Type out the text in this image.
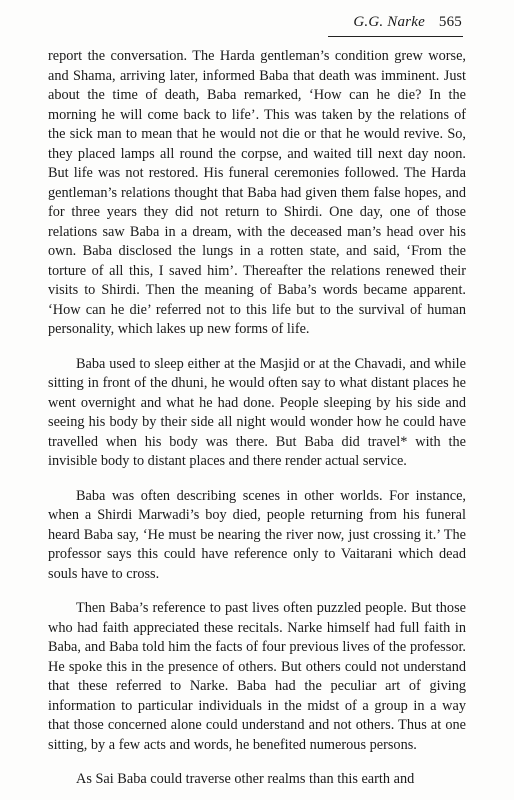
G.G. Narke 565

report the conversation. The Harda gentleman’s condition grew worse, and Shama, arriving later, informed Baba that death was imminent. Just about the time of death, Baba remarked, ‘How can he die? In the morning he will come back to life’. This was taken by the relations of the sick man to mean that he would not die or that he would revive. So, they placed lamps all round the corpse, and waited till next day noon. But life was not restored. His funeral ceremonies followed. The Harda gentleman’s relations thought that Baba had given them false hopes, and for three years they did not return to Shirdi. One day, one of those relations saw Baba in a dream, with the deceased man’s head over his own. Baba disclosed the lungs in a rotten state, and said, ‘From the torture of all this, I saved him’. Thereafter the relations renewed their visits to Shirdi. Then the meaning of Baba’s words became apparent. ‘How can he die’ referred not to this life but to the survival of human personality, which lakes up new forms of life.

Baba used to sleep either at the Masjid or at the Chavadi, and while sitting in front of the dhuni, he would often say to what distant places he went overnight and what he had done. People sleeping by his side and seeing his body by their side all night would wonder how he could have travelled when his body was there. But Baba did travel* with the invisible body to distant places and there render actual service.

Baba was often describing scenes in other worlds. For instance, when a Shirdi Marwadi’s boy died, people returning from his funeral heard Baba say, ‘He must be nearing the river now, just crossing it.’ The professor says this could have reference only to Vaitarani which dead souls have to cross.

Then Baba’s reference to past lives often puzzled people. But those who had faith appreciated these recitals. Narke himself had full faith in Baba, and Baba told him the facts of four previous lives of the professor. He spoke this in the presence of others. But others could not understand that these referred to Narke. Baba had the peculiar art of giving information to particular individuals in the midst of a group in a way that those concerned alone could understand and not others. Thus at one sitting, by a few acts and words, he benefited numerous persons.

As Sai Baba could traverse other realms than this earth and
